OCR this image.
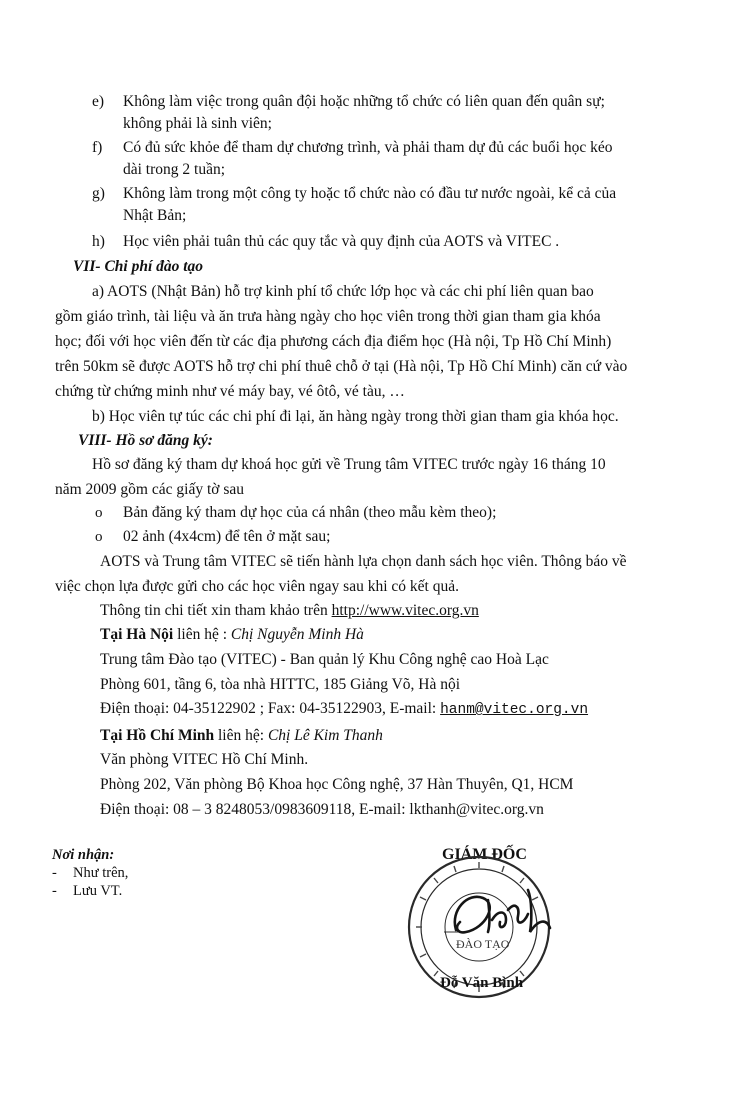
e) Không làm việc trong quân đội hoặc những tổ chức có liên quan đến quân sự;
không phải là sinh viên;
f) Có đủ sức khỏe để tham dự chương trình, và phải tham dự đủ các buổi học kéo
dài trong 2 tuần;
g) Không làm trong một công ty hoặc tổ chức nào có đầu tư nước ngoài, kể cả của
Nhật Bản;
h) Học viên phải tuân thủ các quy tắc và quy định của AOTS và VITEC .
VII- Chi phí đào tạo
a) AOTS (Nhật Bản) hỗ trợ kinh phí tổ chức lớp học và các chi phí liên quan bao
gồm giáo trình, tài liệu và ăn trưa hàng ngày cho học viên trong thời gian tham gia khóa
học; đối với học viên đến từ các địa phương cách địa điểm học (Hà nội, Tp Hồ Chí Minh)
trên 50km sẽ được AOTS hỗ trợ chi phí thuê chỗ ở tại (Hà nội, Tp Hồ Chí Minh) căn cứ vào
chứng từ chứng minh như vé máy bay, vé ôtô, vé tàu, …
b) Học viên tự túc các chi phí đi lại, ăn hàng ngày trong thời gian tham gia khóa học.
VIII- Hồ sơ đăng ký:
Hồ sơ đăng ký tham dự khoá học gửi về Trung tâm VITEC trước ngày 16 tháng 10
năm 2009 gồm các giấy tờ sau
o Bản đăng ký tham dự học của cá nhân (theo mẫu kèm theo);
o 02 ảnh (4x4cm) để tên ở mặt sau;
AOTS và Trung tâm VITEC sẽ tiến hành lựa chọn danh sách học viên. Thông báo về
việc chọn lựa được gửi cho các học viên ngay sau khi có kết quả.
Thông tin chi tiết xin tham khảo trên http://www.vitec.org.vn
Tại Hà Nội liên hệ : Chị Nguyễn Minh Hà
Trung tâm Đào tạo (VITEC) - Ban quản lý Khu Công nghệ cao Hoà Lạc
Phòng 601, tầng 6, tòa nhà HITTC, 185 Giảng Võ, Hà nội
Điện thoại: 04-35122902 ; Fax: 04-35122903, E-mail: hanm@vitec.org.vn
Tại Hồ Chí Minh liên hệ: Chị Lê Kim Thanh
Văn phòng VITEC Hồ Chí Minh.
Phòng 202, Văn phòng Bộ Khoa học Công nghệ, 37 Hàn Thuyên, Q1, HCM
Điện thoại: 08 – 3 8248053/0983609118, E-mail: lkthanh@vitec.org.vn
Nơi nhận:
- Như trên,
- Lưu VT.
GIÁM ĐỐC
ĐÀO TẠO
Đỗ Văn Bình
